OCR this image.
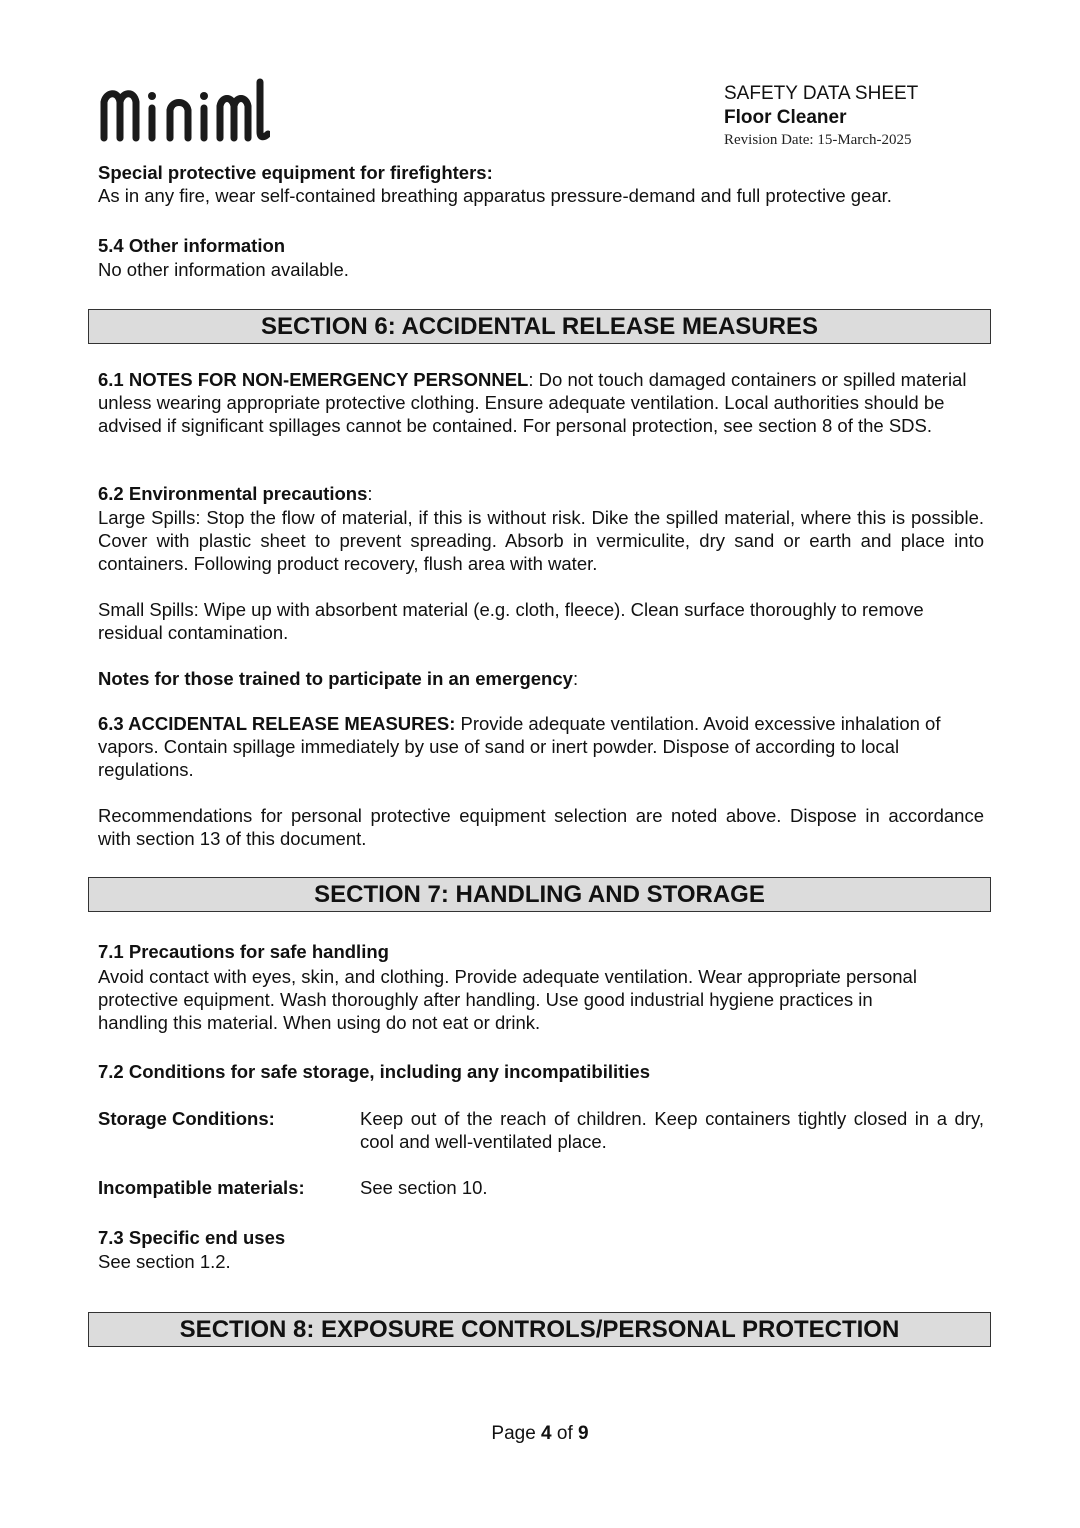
SAFETY DATA SHEET
Floor Cleaner
Revision Date: 15-March-2025

Special protective equipment for firefighters:

As in any fire, wear self-contained breathing apparatus pressure-demand and full protective gear.

5.4 Other information

No other information available.

SECTION 6: ACCIDENTAL RELEASE MEASURES

6.1 NOTES FOR NON-EMERGENCY PERSONNEL: Do not touch damaged containers or spilled material unless wearing appropriate protective clothing. Ensure adequate ventilation. Local authorities should be advised if significant spillages cannot be contained. For personal protection, see section 8 of the SDS.

6.2 Environmental precautions:

Large Spills: Stop the flow of material, if this is without risk. Dike the spilled material, where this is possible. Cover with plastic sheet to prevent spreading. Absorb in vermiculite, dry sand or earth and place into containers. Following product recovery, flush area with water.

Small Spills: Wipe up with absorbent material (e.g. cloth, fleece). Clean surface thoroughly to remove residual contamination.

Notes for those trained to participate in an emergency:

6.3 ACCIDENTAL RELEASE MEASURES: Provide adequate ventilation. Avoid excessive inhalation of vapors. Contain spillage immediately by use of sand or inert powder. Dispose of according to local regulations.

Recommendations for personal protective equipment selection are noted above. Dispose in accordance with section 13 of this document.

SECTION 7: HANDLING AND STORAGE

7.1 Precautions for safe handling

Avoid contact with eyes, skin, and clothing. Provide adequate ventilation. Wear appropriate personal protective equipment. Wash thoroughly after handling. Use good industrial hygiene practices in handling this material. When using do not eat or drink.

7.2 Conditions for safe storage, including any incompatibilities

Storage Conditions:	Keep out of the reach of children. Keep containers tightly closed in a dry, cool and well-ventilated place.
Incompatible materials:	See section 10.

7.3 Specific end uses

See section 1.2.

SECTION 8: EXPOSURE CONTROLS/PERSONAL PROTECTION
Page 4 of 9
